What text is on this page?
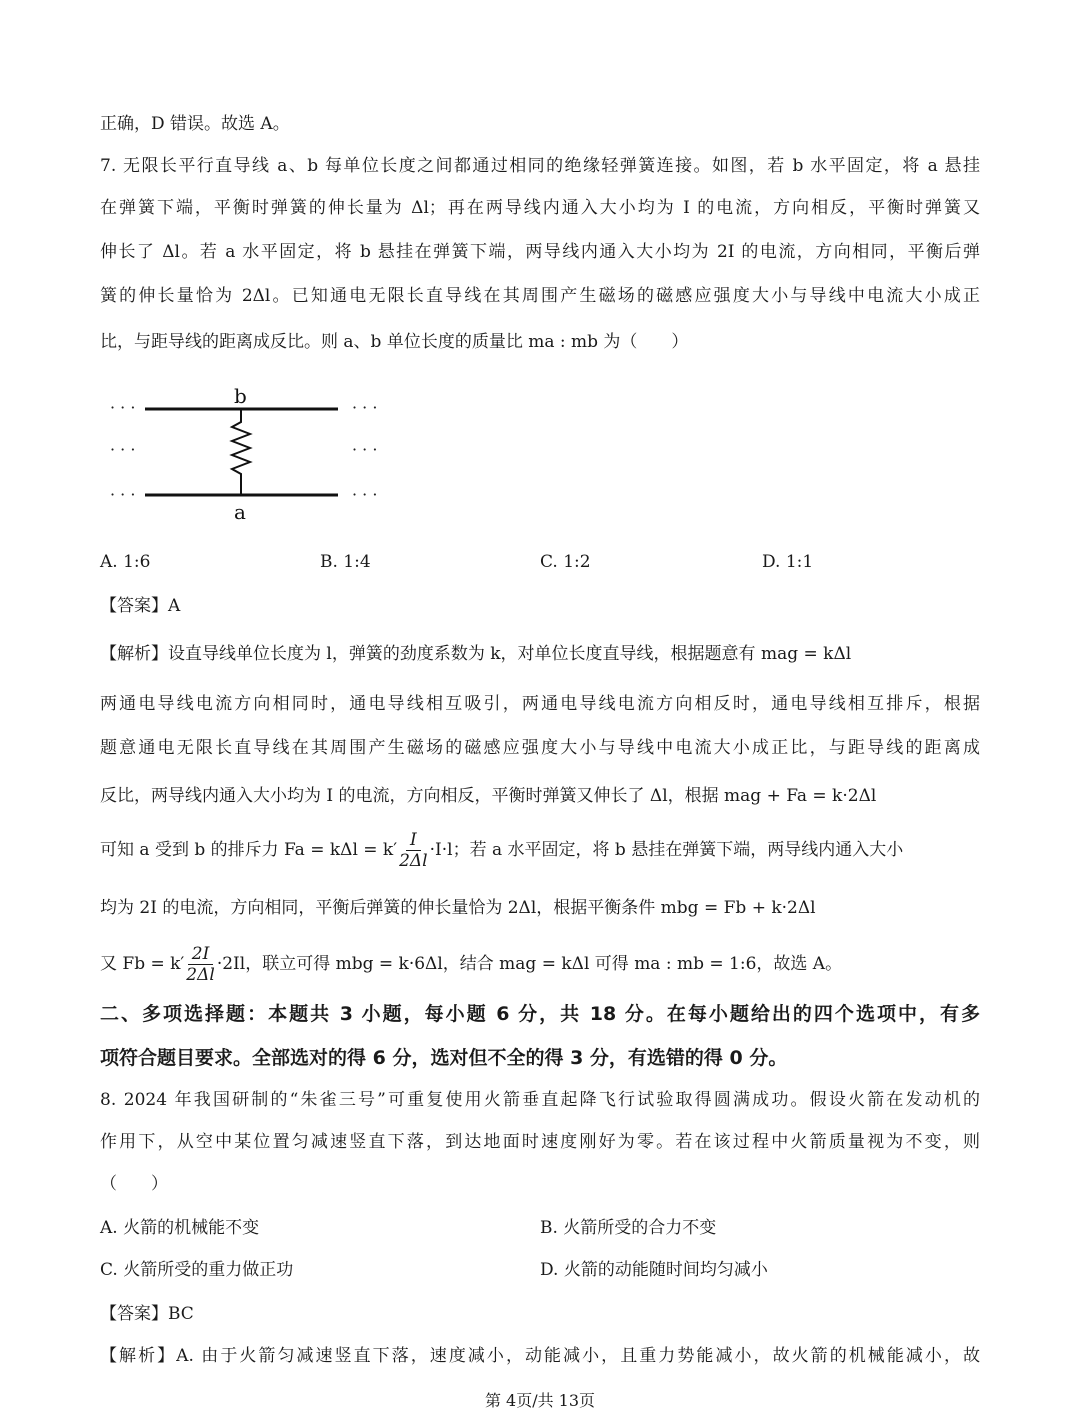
正确，D 错误。故选 A。
7. 无限长平行直导线 a、b 每单位长度之间都通过相同的绝缘轻弹簧连接。如图，若 b 水平固定，将 a 悬挂
在弹簧下端，平衡时弹簧的伸长量为 Δl；再在两导线内通入大小均为 I 的电流，方向相反，平衡时弹簧又
伸长了 Δl。若 a 水平固定，将 b 悬挂在弹簧下端，两导线内通入大小均为 2I 的电流，方向相同，平衡后弹
簧的伸长量恰为 2Δl。已知通电无限长直导线在其周围产生磁场的磁感应强度大小与导线中电流大小成正
比，与距导线的距离成反比。则 a、b 单位长度的质量比 ma : mb 为（　　）
· · ·
· · ·
· · ·
· · ·
· · ·
· · ·
b
a
A. 1:6	B. 1:4	C. 1:2	D. 1:1
【答案】A
【解析】设直导线单位长度为 l，弹簧的劲度系数为 k，对单位长度直导线，根据题意有 mag = kΔl
两通电导线电流方向相同时，通电导线相互吸引，两通电导线电流方向相反时，通电导线相互排斥，根据
题意通电无限长直导线在其周围产生磁场的磁感应强度大小与导线中电流大小成正比，与距导线的距离成
反比，两导线内通入大小均为 I 的电流，方向相反，平衡时弹簧又伸长了 Δl，根据 mag + Fa = k·2Δl
可知 a 受到 b 的排斥力 $Fa = k\Delta l = k' \frac{I}{2\Delta l} \cdot I\cdot l$；若 a 水平固定，将 b 悬挂在弹簧下端，两导线内通入大小
均为 2I 的电流，方向相同，平衡后弹簧的伸长量恰为 2Δl，根据平衡条件 mbg = Fb + k·2Δl
又 $Fb = k' \frac{2I}{2\Delta l} \cdot 2Il$，联立可得 mbg = k·6Δl，结合 mag = kΔl 可得 ma : mb = 1:6，故选 A。
二、多项选择题：本题共 3 小题，每小题 6 分，共 18 分。在每小题给出的四个选项中，有多
项符合题目要求。全部选对的得 6 分，选对但不全的得 3 分，有选错的得 0 分。
8. 2024 年我国研制的“朱雀三号”可重复使用火箭垂直起降飞行试验取得圆满成功。假设火箭在发动机的
作用下，从空中某位置匀减速竖直下落，到达地面时速度刚好为零。若在该过程中火箭质量视为不变，则
（　　）
A. 火箭的机械能不变	B. 火箭所受的合力不变
C. 火箭所受的重力做正功	D. 火箭的动能随时间均匀减小
【答案】BC
【解析】A. 由于火箭匀减速竖直下落，速度减小，动能减小，且重力势能减小，故火箭的机械能减小，故
第 4页/共 13页
